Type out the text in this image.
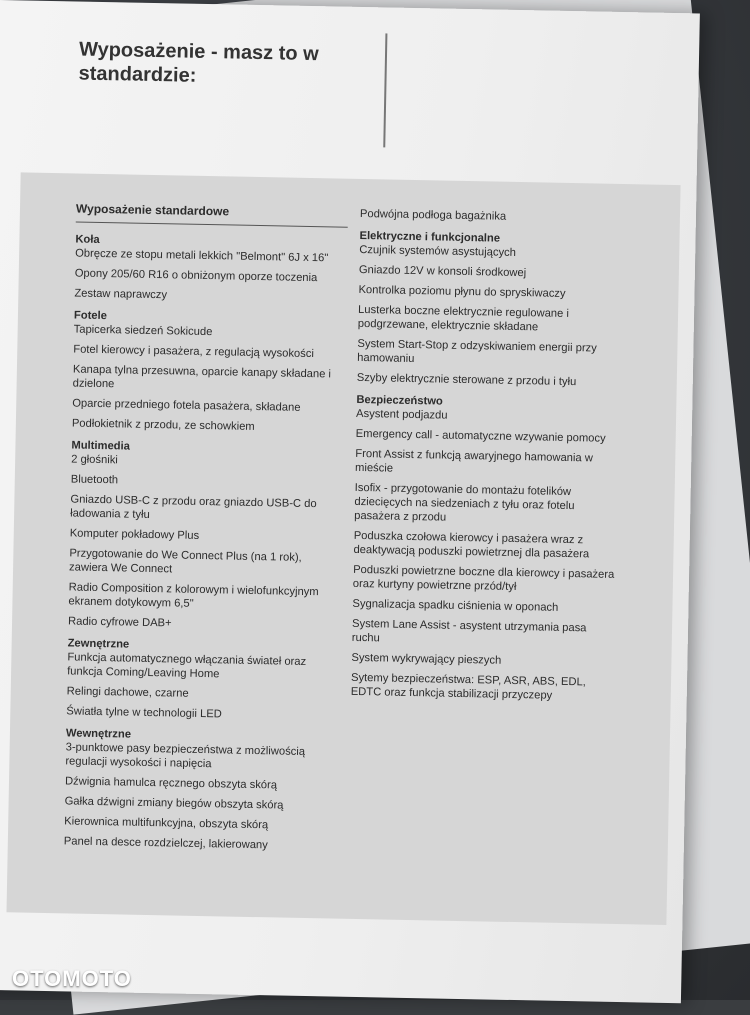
Wyposażenie - masz to w standardzie:
Wyposażenie standardowe
Koła
Obręcze ze stopu metali lekkich "Belmont" 6J x 16"
Opony 205/60 R16 o obniżonym oporze toczenia
Zestaw naprawczy
Fotele
Tapicerka siedzeń Sokicude
Fotel kierowcy i pasażera, z regulacją wysokości
Kanapa tylna przesuwna, oparcie kanapy składane i dzielone
Oparcie przedniego fotela pasażera, składane
Podłokietnik z przodu, ze schowkiem
Multimedia
2 głośniki
Bluetooth
Gniazdo USB-C z przodu oraz gniazdo USB-C do ładowania z tyłu
Komputer pokładowy Plus
Przygotowanie do We Connect Plus (na 1 rok), zawiera We Connect
Radio Composition z kolorowym i wielofunkcyjnym ekranem dotykowym 6,5"
Radio cyfrowe DAB+
Zewnętrzne
Funkcja automatycznego włączania świateł oraz funkcja Coming/Leaving Home
Relingi dachowe, czarne
Światła tylne w technologii LED
Wewnętrzne
3-punktowe pasy bezpieczeństwa z możliwością regulacji wysokości i napięcia
Dźwignia hamulca ręcznego obszyta skórą
Gałka dźwigni zmiany biegów obszyta skórą
Kierownica multifunkcyjna, obszyta skórą
Panel na desce rozdzielczej, lakierowany
Podwójna podłoga bagażnika
Elektryczne i funkcjonalne
Czujnik systemów asystujących
Gniazdo 12V w konsoli środkowej
Kontrolka poziomu płynu do spryskiwaczy
Lusterka boczne elektrycznie regulowane i podgrzewane, elektrycznie składane
System Start-Stop z odzyskiwaniem energii przy hamowaniu
Szyby elektrycznie sterowane z przodu i tyłu
Bezpieczeństwo
Asystent podjazdu
Emergency call - automatyczne wzywanie pomocy
Front Assist z funkcją awaryjnego hamowania w mieście
Isofix - przygotowanie do montażu fotelików dziecięcych na siedzeniach z tyłu oraz fotelu pasażera z przodu
Poduszka czołowa kierowcy i pasażera wraz z deaktywacją poduszki powietrznej dla pasażera
Poduszki powietrzne boczne dla kierowcy i pasażera oraz kurtyny powietrzne przód/tył
Sygnalizacja spadku ciśnienia w oponach
System Lane Assist - asystent utrzymania pasa ruchu
System wykrywający pieszych
Sytemy bezpieczeństwa: ESP, ASR, ABS, EDL, EDTC oraz funkcja stabilizacji przyczepy
OTOMOTO
